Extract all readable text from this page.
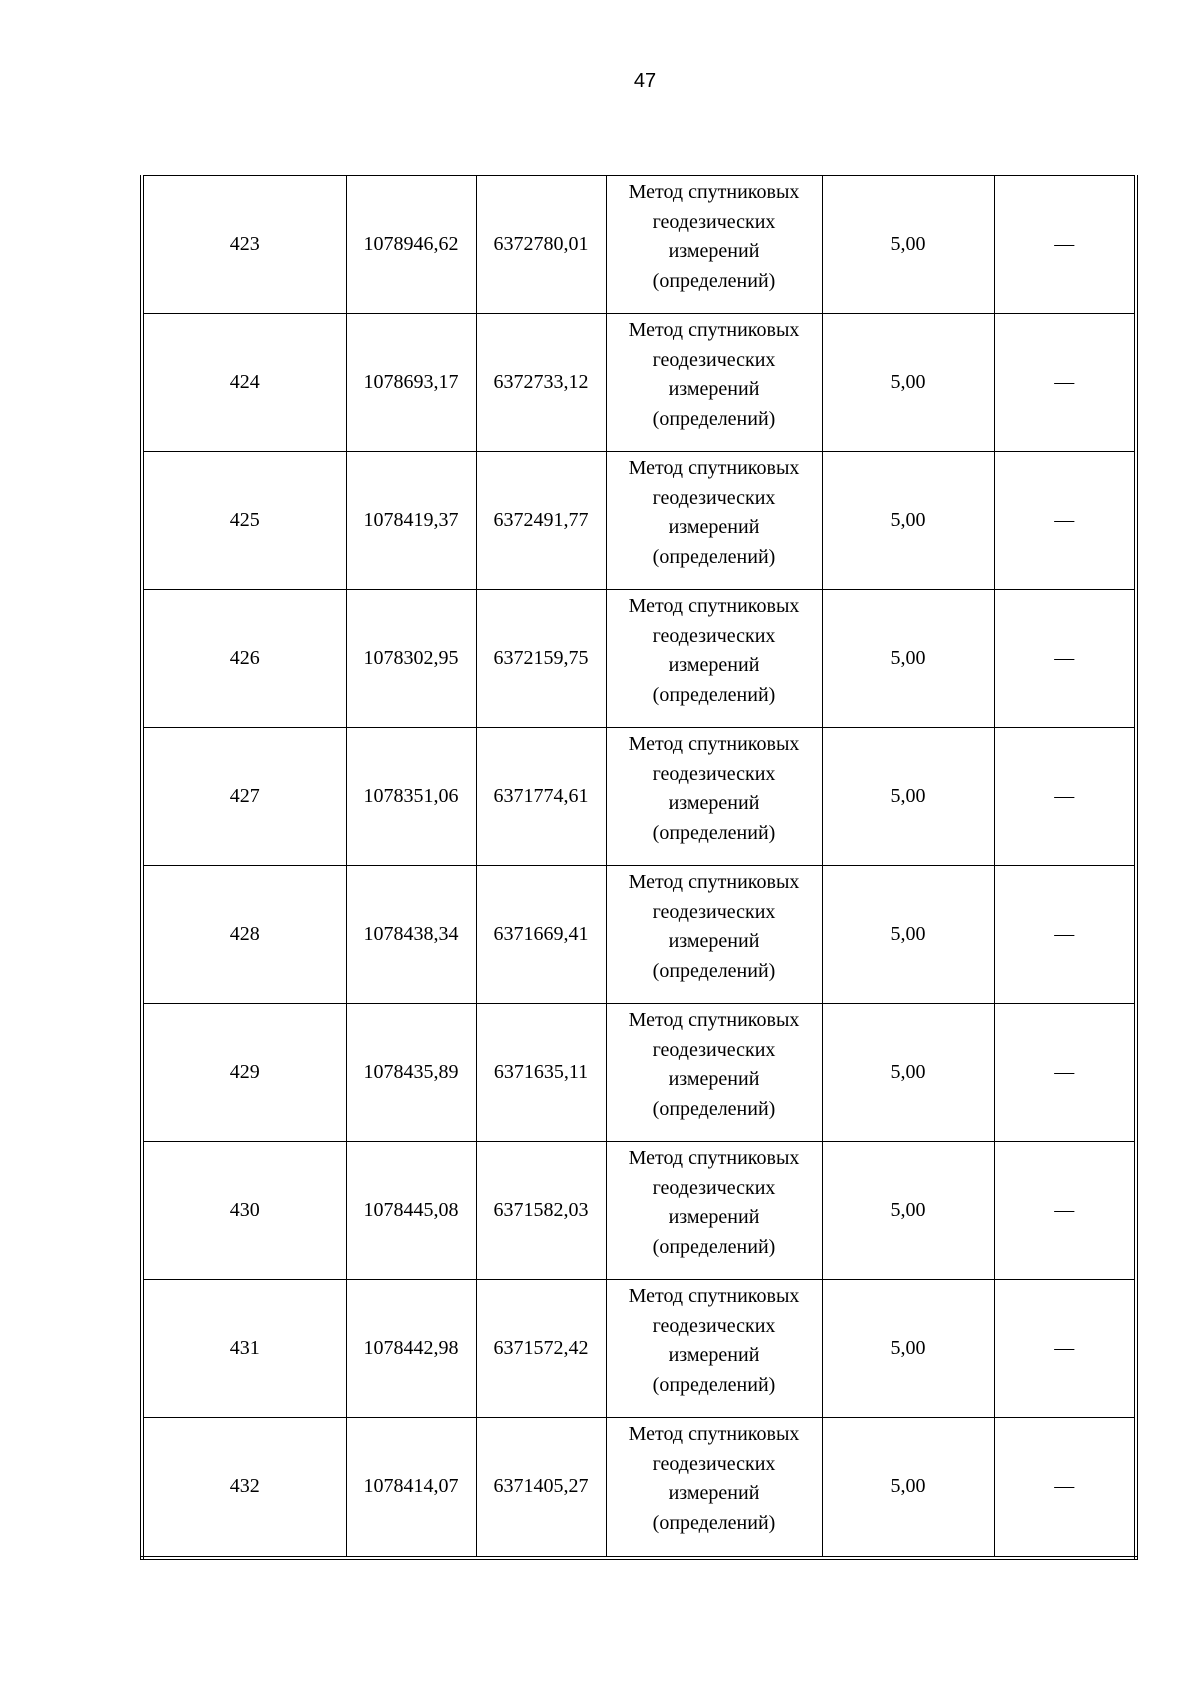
47
423	1078946,62	6372780,01	Метод спутниковых
геодезических
измерений
(определений)	5,00	—
424	1078693,17	6372733,12	Метод спутниковых
геодезических
измерений
(определений)	5,00	—
425	1078419,37	6372491,77	Метод спутниковых
геодезических
измерений
(определений)	5,00	—
426	1078302,95	6372159,75	Метод спутниковых
геодезических
измерений
(определений)	5,00	—
427	1078351,06	6371774,61	Метод спутниковых
геодезических
измерений
(определений)	5,00	—
428	1078438,34	6371669,41	Метод спутниковых
геодезических
измерений
(определений)	5,00	—
429	1078435,89	6371635,11	Метод спутниковых
геодезических
измерений
(определений)	5,00	—
430	1078445,08	6371582,03	Метод спутниковых
геодезических
измерений
(определений)	5,00	—
431	1078442,98	6371572,42	Метод спутниковых
геодезических
измерений
(определений)	5,00	—
432	1078414,07	6371405,27	Метод спутниковых
геодезических
измерений
(определений)	5,00	—
